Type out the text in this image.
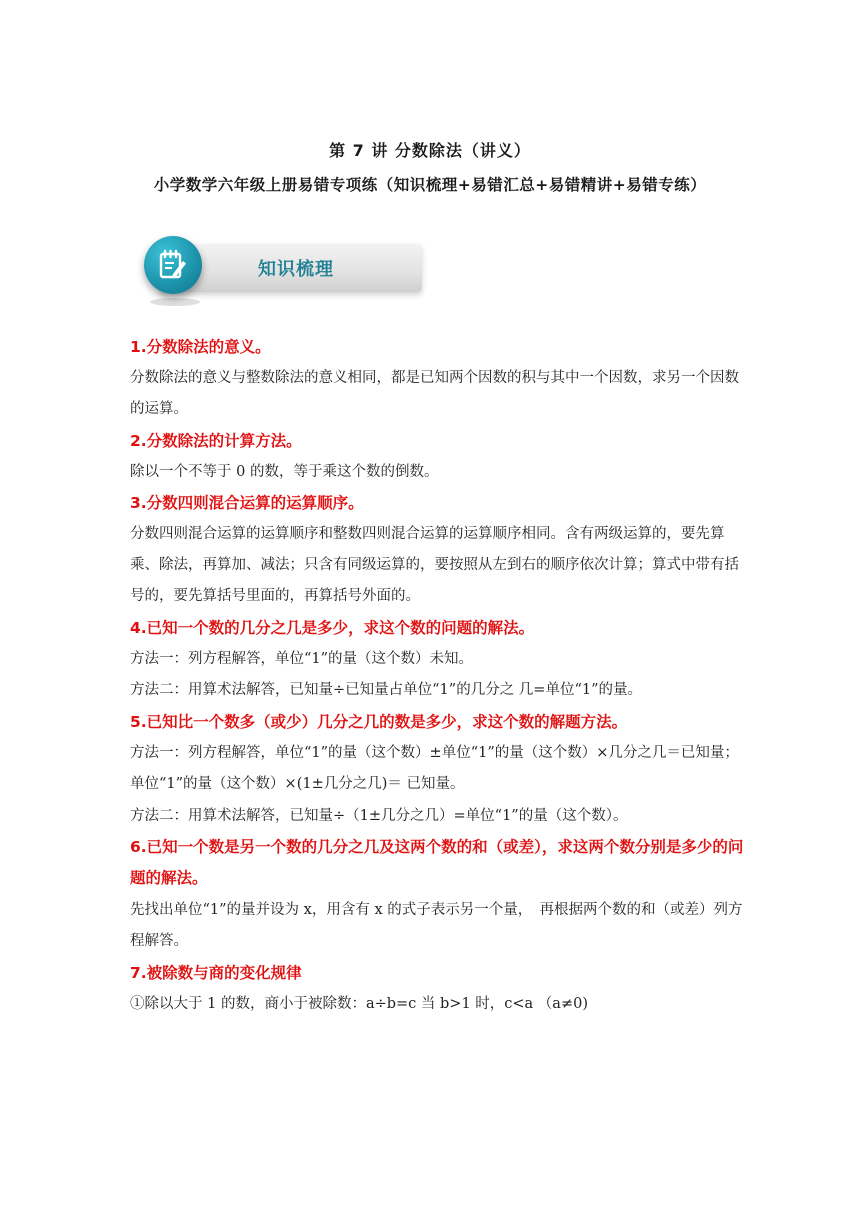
第 7 讲 分数除法（讲义）
小学数学六年级上册易错专项练（知识梳理+易错汇总+易错精讲+易错专练）
知识梳理
1.分数除法的意义。
分数除法的意义与整数除法的意义相同，都是已知两个因数的积与其中一个因数，求另一个因数的运算。
2.分数除法的计算方法。
除以一个不等于 0 的数，等于乘这个数的倒数。
3.分数四则混合运算的运算顺序。
分数四则混合运算的运算顺序和整数四则混合运算的运算顺序相同。含有两级运算的，要先算乘、除法，再算加、减法；只含有同级运算的，要按照从左到右的顺序依次计算；算式中带有括号的，要先算括号里面的，再算括号外面的。
4.已知一个数的几分之几是多少，求这个数的问题的解法。
方法一：列方程解答，单位“1”的量（这个数）未知。
方法二：用算术法解答，已知量÷已知量占单位“1”的几分之 几=单位“1”的量。
5.已知比一个数多（或少）几分之几的数是多少，求这个数的解题方法。
方法一：列方程解答，单位“1”的量（这个数）±单位“1”的量（这个数）×几分之几＝已知量；单位“1”的量（这个数）×(1±几分之几)＝ 已知量。
方法二：用算术法解答，已知量÷（1±几分之几）=单位“1”的量（这个数）。
6.已知一个数是另一个数的几分之几及这两个数的和（或差），求这两个数分别是多少的问题的解法。
先找出单位“1”的量并设为 x，用含有 x 的式子表示另一个量，　再根据两个数的和（或差）列方程解答。
7.被除数与商的变化规律
①除以大于 1 的数，商小于被除数：a÷b=c 当 b>1 时，c<a （a≠0)
